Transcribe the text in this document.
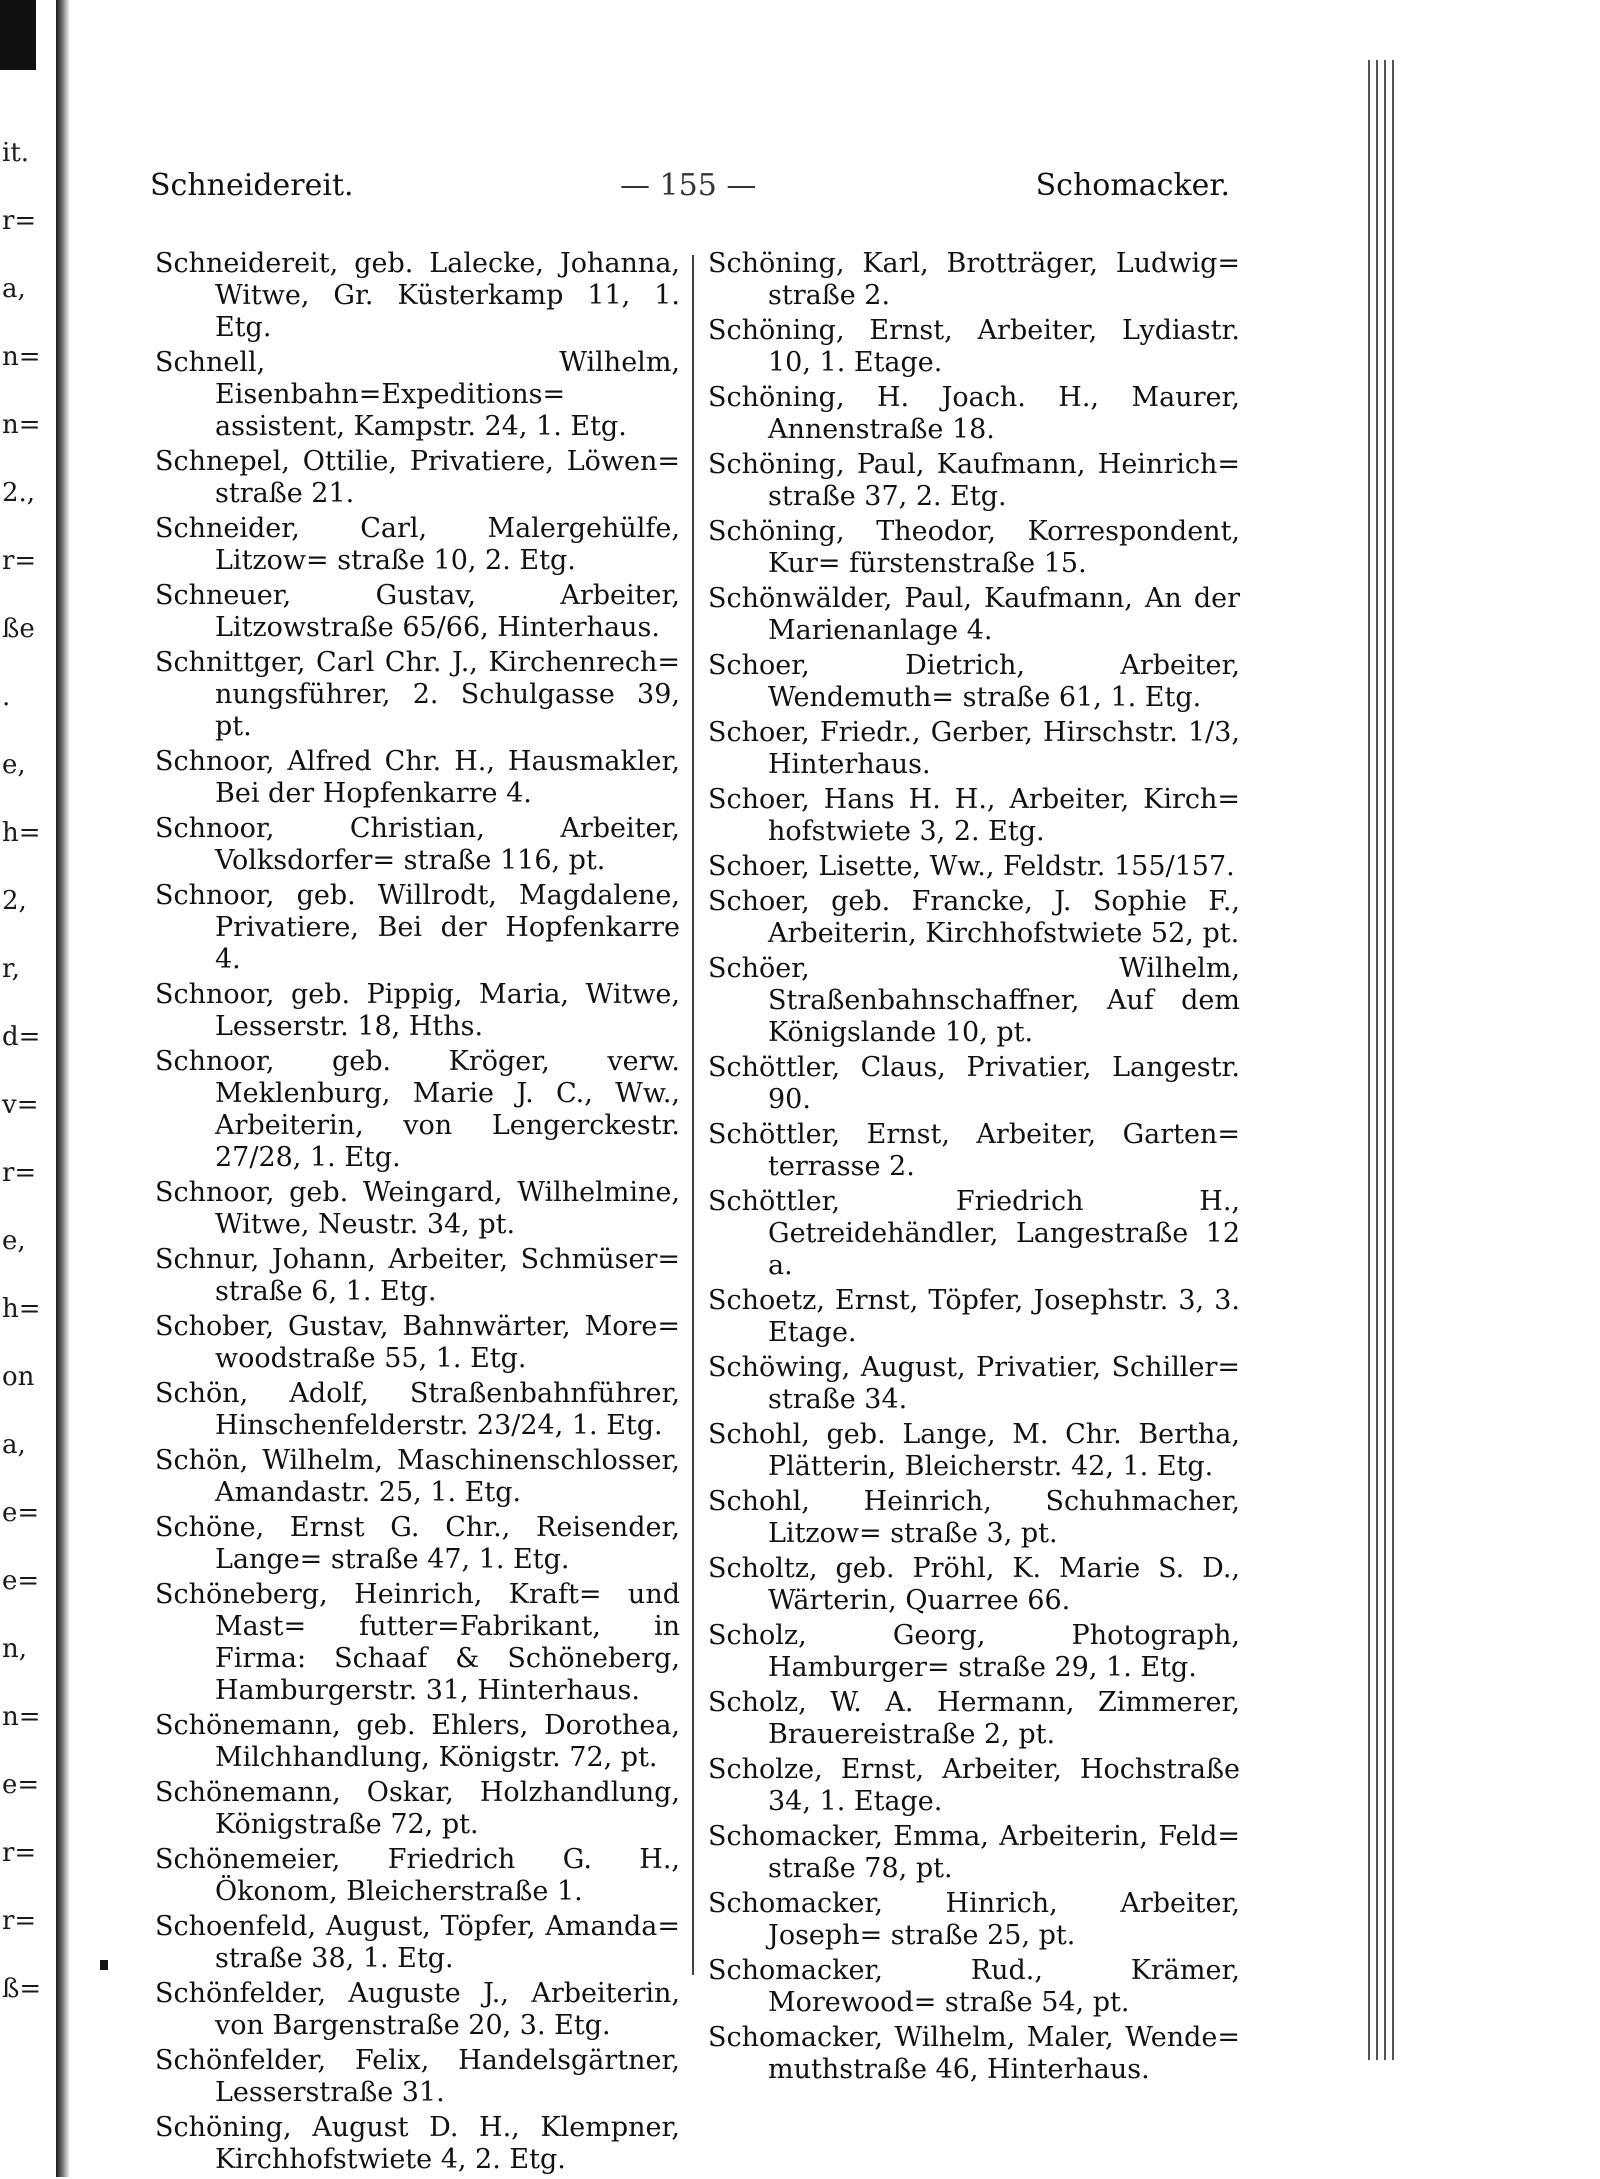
it.
r=
a,
n=
n=
2.,
r=
ße
.
e,
h=
2,
r,
d=
v=
r=
e,
h=
on
a,
e=
e=
n,
n=
e=
r=
r=
ß=
Schneidereit.	— 155 —	Schomacker.

Schneidereit, geb. Lalecke, Johanna, Witwe, Gr. Küsterkamp 11, 1. Etg.

Schnell, Wilhelm, Eisenbahn=Expeditions= assistent, Kampstr. 24, 1. Etg.

Schnepel, Ottilie, Privatiere, Löwen= straße 21.

Schneider, Carl, Malergehülfe, Litzow= straße 10, 2. Etg.

Schneuer, Gustav, Arbeiter, Litzowstraße 65/66, Hinterhaus.

Schnittger, Carl Chr. J., Kirchenrech= nungsführer, 2. Schulgasse 39, pt.

Schnoor, Alfred Chr. H., Hausmakler, Bei der Hopfenkarre 4.

Schnoor, Christian, Arbeiter, Volksdorfer= straße 116, pt.

Schnoor, geb. Willrodt, Magdalene, Privatiere, Bei der Hopfenkarre 4.

Schnoor, geb. Pippig, Maria, Witwe, Lesserstr. 18, Hths.

Schnoor, geb. Kröger, verw. Meklenburg, Marie J. C., Ww., Arbeiterin, von Lengerckestr. 27/28, 1. Etg.

Schnoor, geb. Weingard, Wilhelmine, Witwe, Neustr. 34, pt.

Schnur, Johann, Arbeiter, Schmüser= straße 6, 1. Etg.

Schober, Gustav, Bahnwärter, More= woodstraße 55, 1. Etg.

Schön, Adolf, Straßenbahnführer, Hinschenfelderstr. 23/24, 1. Etg.

Schön, Wilhelm, Maschinenschlosser, Amandastr. 25, 1. Etg.

Schöne, Ernst G. Chr., Reisender, Lange= straße 47, 1. Etg.

Schöneberg, Heinrich, Kraft= und Mast= futter=Fabrikant, in Firma: Schaaf & Schöneberg, Hamburgerstr. 31, Hinterhaus.

Schönemann, geb. Ehlers, Dorothea, Milchhandlung, Königstr. 72, pt.

Schönemann, Oskar, Holzhandlung, Königstraße 72, pt.

Schönemeier, Friedrich G. H., Ökonom, Bleicherstraße 1.

Schoenfeld, August, Töpfer, Amanda= straße 38, 1. Etg.

Schönfelder, Auguste J., Arbeiterin, von Bargenstraße 20, 3. Etg.

Schönfelder, Felix, Handelsgärtner, Lesserstraße 31.

Schöning, August D. H., Klempner, Kirchhofstwiete 4, 2. Etg.

Schöning, Karl, Brotträger, Ludwig= straße 2.

Schöning, Ernst, Arbeiter, Lydiastr. 10, 1. Etage.

Schöning, H. Joach. H., Maurer, Annenstraße 18.

Schöning, Paul, Kaufmann, Heinrich= straße 37, 2. Etg.

Schöning, Theodor, Korrespondent, Kur= fürstenstraße 15.

Schönwälder, Paul, Kaufmann, An der Marienanlage 4.

Schoer, Dietrich, Arbeiter, Wendemuth= straße 61, 1. Etg.

Schoer, Friedr., Gerber, Hirschstr. 1/3, Hinterhaus.

Schoer, Hans H. H., Arbeiter, Kirch= hofstwiete 3, 2. Etg.

Schoer, Lisette, Ww., Feldstr. 155/157.

Schoer, geb. Francke, J. Sophie F., Arbeiterin, Kirchhofstwiete 52, pt.

Schöer, Wilhelm, Straßenbahnschaffner, Auf dem Königslande 10, pt.

Schöttler, Claus, Privatier, Langestr. 90.

Schöttler, Ernst, Arbeiter, Garten= terrasse 2.

Schöttler, Friedrich H., Getreidehändler, Langestraße 12 a.

Schoetz, Ernst, Töpfer, Josephstr. 3, 3. Etage.

Schöwing, August, Privatier, Schiller= straße 34.

Schohl, geb. Lange, M. Chr. Bertha, Plätterin, Bleicherstr. 42, 1. Etg.

Schohl, Heinrich, Schuhmacher, Litzow= straße 3, pt.

Scholtz, geb. Pröhl, K. Marie S. D., Wärterin, Quarree 66.

Scholz, Georg, Photograph, Hamburger= straße 29, 1. Etg.

Scholz, W. A. Hermann, Zimmerer, Brauereistraße 2, pt.

Scholze, Ernst, Arbeiter, Hochstraße 34, 1. Etage.

Schomacker, Emma, Arbeiterin, Feld= straße 78, pt.

Schomacker, Hinrich, Arbeiter, Joseph= straße 25, pt.

Schomacker, Rud., Krämer, Morewood= straße 54, pt.

Schomacker, Wilhelm, Maler, Wende= muthstraße 46, Hinterhaus.
